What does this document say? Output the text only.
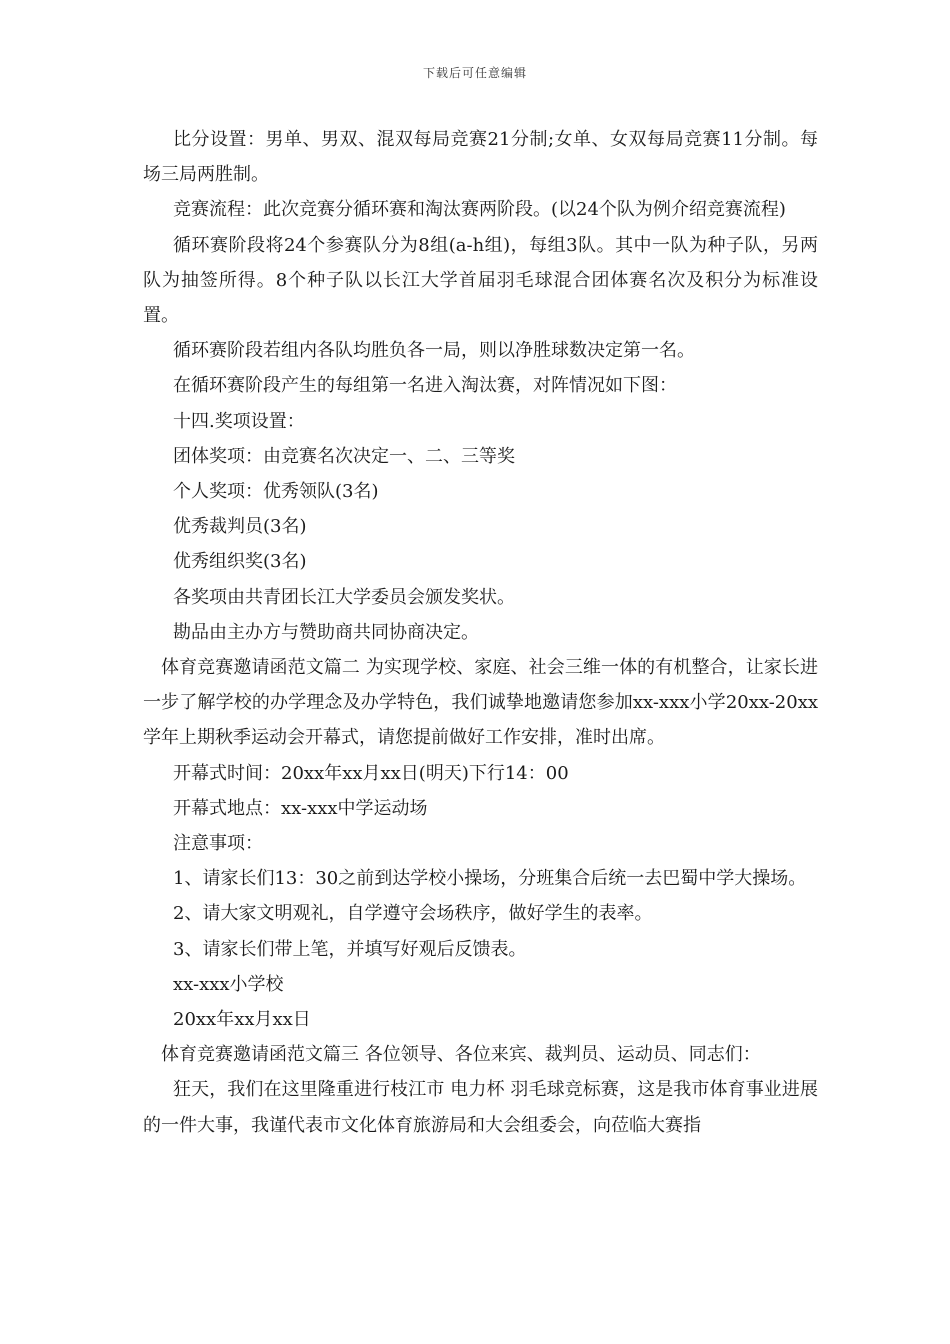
下载后可任意编辑

比分设置：男单、男双、混双每局竞赛21分制;女单、女双每局竞赛11分制。每场三局两胜制。

竞赛流程：此次竞赛分循环赛和淘汰赛两阶段。(以24个队为例介绍竞赛流程)

循环赛阶段将24个参赛队分为8组(a-h组)，每组3队。其中一队为种子队，另两队为抽签所得。8个种子队以长江大学首届羽毛球混合团体赛名次及积分为标准设置。

循环赛阶段若组内各队均胜负各一局，则以净胜球数决定第一名。

在循环赛阶段产生的每组第一名进入淘汰赛，对阵情况如下图：

十四.奖项设置：

团体奖项：由竞赛名次决定一、二、三等奖

个人奖项：优秀领队(3名)

优秀裁判员(3名)

优秀组织奖(3名)

各奖项由共青团长江大学委员会颁发奖状。

勘品由主办方与赞助商共同协商决定。

体育竞赛邀请函范文篇二 为实现学校、家庭、社会三维一体的有机整合，让家长进一步了解学校的办学理念及办学特色，我们诚挚地邀请您参加xx-xxx小学20xx-20xx学年上期秋季运动会开幕式，请您提前做好工作安排，准时出席。

开幕式时间：20xx年xx月xx日(明天)下行14：00

开幕式地点：xx-xxx中学运动场

注意事项：

1、请家长们13：30之前到达学校小操场，分班集合后统一去巴蜀中学大操场。

2、请大家文明观礼，自学遵守会场秩序，做好学生的表率。

3、请家长们带上笔，并填写好观后反馈表。

xx-xxx小学校

20xx年xx月xx日

体育竞赛邀请函范文篇三 各位领导、各位来宾、裁判员、运动员、同志们：

狂天，我们在这里隆重进行枝江市 电力杯 羽毛球竞标赛，这是我市体育事业进展的一件大事，我谨代表市文化体育旅游局和大会组委会，向莅临大赛指
